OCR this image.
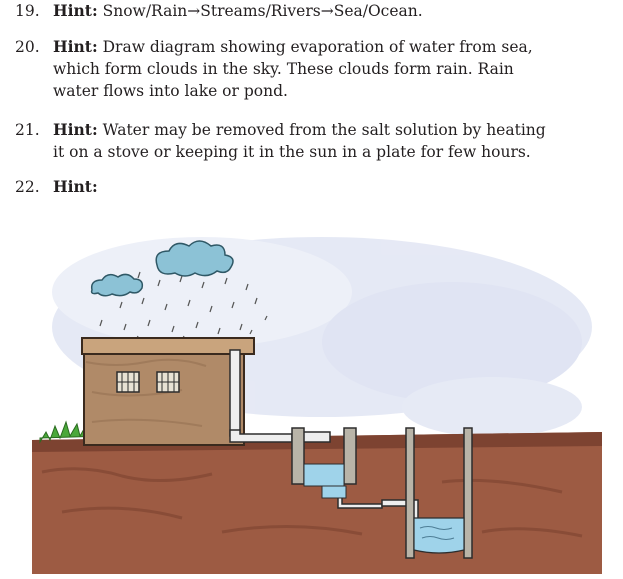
19. Hint: Snow/Rain→Streams/Rivers→Sea/Ocean.
20. Hint: Draw diagram showing evaporation of water from sea,
which form clouds in the sky. These clouds form rain. Rain
water flows into lake or pond.
21. Hint: Water may be removed from the salt solution by heating
it on a stove or keeping it in the sun in a plate for few hours.
22. Hint:
